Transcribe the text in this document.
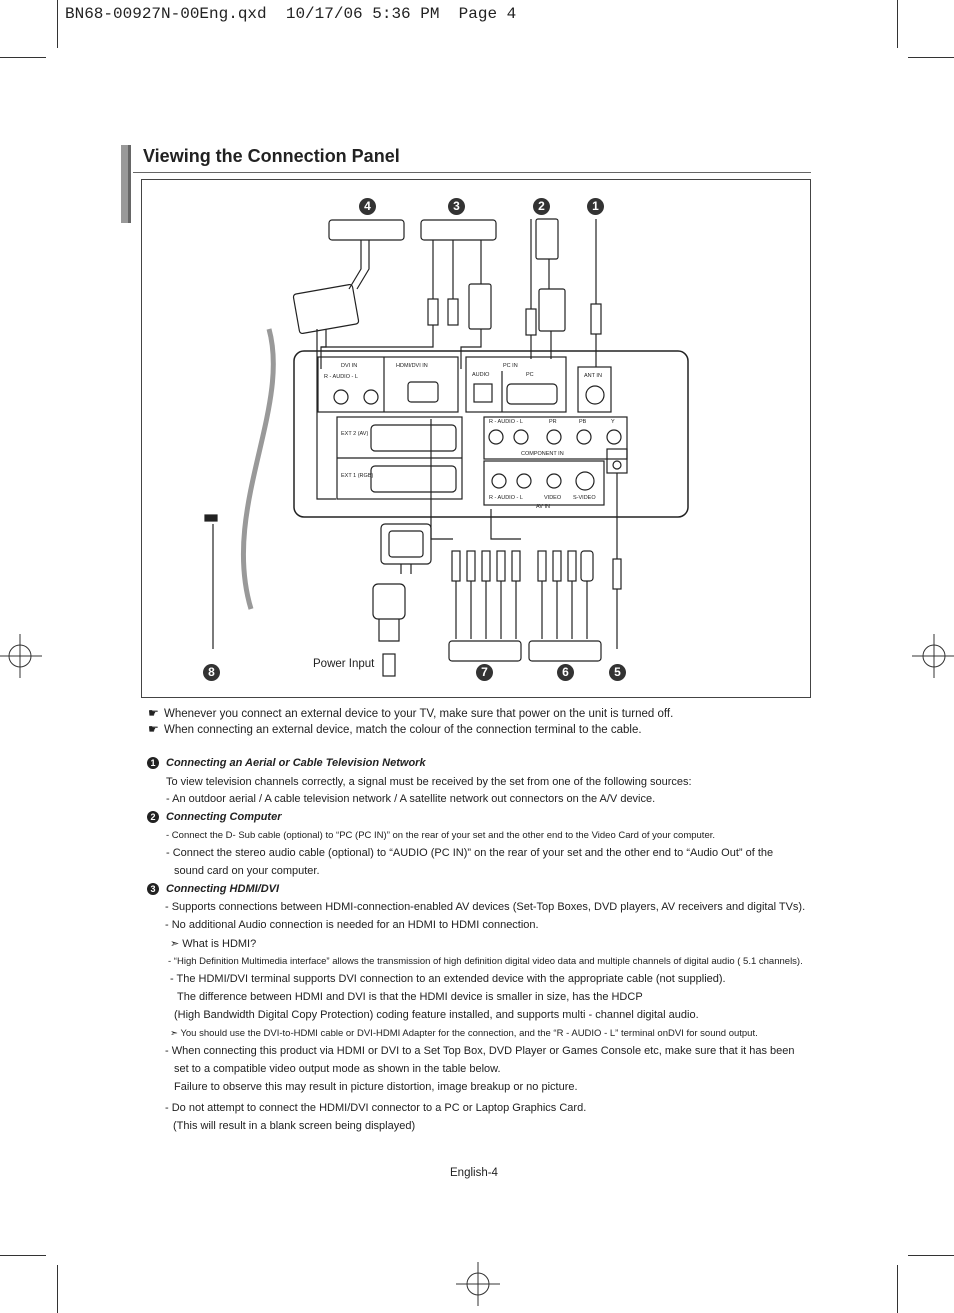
BN68-00927N-00Eng.qxd  10/17/06 5:36 PM  Page 4
Viewing the Connection Panel
DVI IN	HDMI/DVI IN
R - AUDIO - L
PC IN
AUDIO	PC	ANT IN
EXT 2 (AV)
EXT 1 (RGB)
R - AUDIO - L	PR	PB	Y
COMPONENT IN
R - AUDIO - L	VIDEO S-VIDEO
AV IN
4	3	2	1
8	7	6	5
Power Input
☛ Whenever you connect an external device to your TV, make sure that power on the unit is turned off.
☛ When connecting an external device, match the colour of the connection terminal to the cable.
1 Connecting an Aerial or Cable Television Network
To view television channels correctly, a signal must be received by the set from one of the following sources:
- An outdoor aerial / A cable television network / A satellite network out connectors on the A/V device.
2 Connecting Computer
- Connect the D- Sub cable (optional) to “PC (PC IN)” on the rear of your set and the other end to the Video Card of your computer.
- Connect the stereo audio cable (optional) to “AUDIO (PC IN)” on the rear of your set and the other end to “Audio Out” of the
sound card on your computer.
3 Connecting HDMI/DVI
- Supports connections between HDMI-connection-enabled AV devices (Set-Top Boxes, DVD players, AV receivers and digital TVs).
- No additional Audio connection is needed for an HDMI to HDMI connection.
➣ What is HDMI?
- “High Definition Multimedia interface” allows the transmission of high definition digital video data and multiple channels of digital audio ( 5.1 channels).
- The HDMI/DVI terminal supports DVI connection to an extended device with the appropriate cable (not supplied).
The difference between HDMI and DVI is that the HDMI device is smaller in size, has the HDCP
(High Bandwidth Digital Copy Protection) coding feature installed, and supports multi - channel digital audio.
➣ You should use the DVI-to-HDMI cable or DVI-HDMI Adapter for the connection, and the “R - AUDIO - L” terminal onDVI for sound output.
- When connecting this product via HDMI or DVI to a Set Top Box, DVD Player or Games Console etc, make sure that it has been
set to a compatible video output mode as shown in the table below.
Failure to observe this may result in picture distortion, image breakup or no picture.
- Do not attempt to connect the HDMI/DVI connector to a PC or Laptop Graphics Card.
(This will result in a blank screen being displayed)
English-4
